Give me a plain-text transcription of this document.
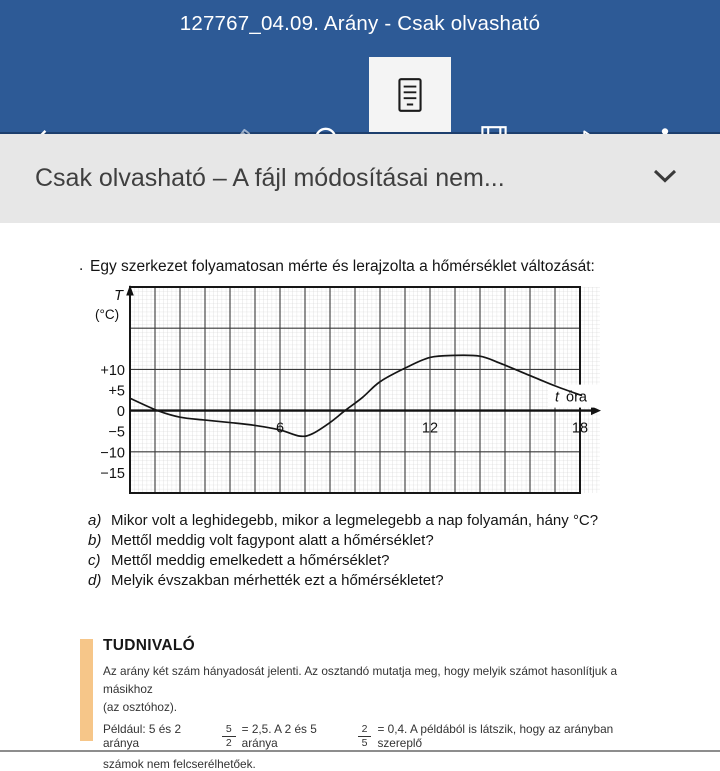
127767_04.09. Arány - Csak olvasható
Csak olvasható – A fájl módosításai nem...
. Egy szerkezet folyamatosan mérte és lerajzolta a hőmérséklet változását:
+10
+5
0
−5
−10
−15
6	12	18
T
(°C)
t óra
a) Mikor volt a leghidegebb, mikor a legmelegebb a nap folyamán, hány °C?
b) Mettől meddig volt fagypont alatt a hőmérséklet?
c) Mettől meddig emelkedett a hőmérséklet?
d) Melyik évszakban mérhették ezt a hőmérsékletet?
TUDNIVALÓ
Az arány két szám hányadosát jelenti. Az osztandó mutatja meg, hogy melyik számot hasonlítjuk a másikhoz
(az osztóhoz).
Például: 5 és 2 aránya	$\frac{5}{2} = 2,5$. A 2 és 5 aránya	$\frac{2}{5} = 0,4$. A példából is látszik, hogy az arányban szereplő
számok nem felcserélhetőek.
